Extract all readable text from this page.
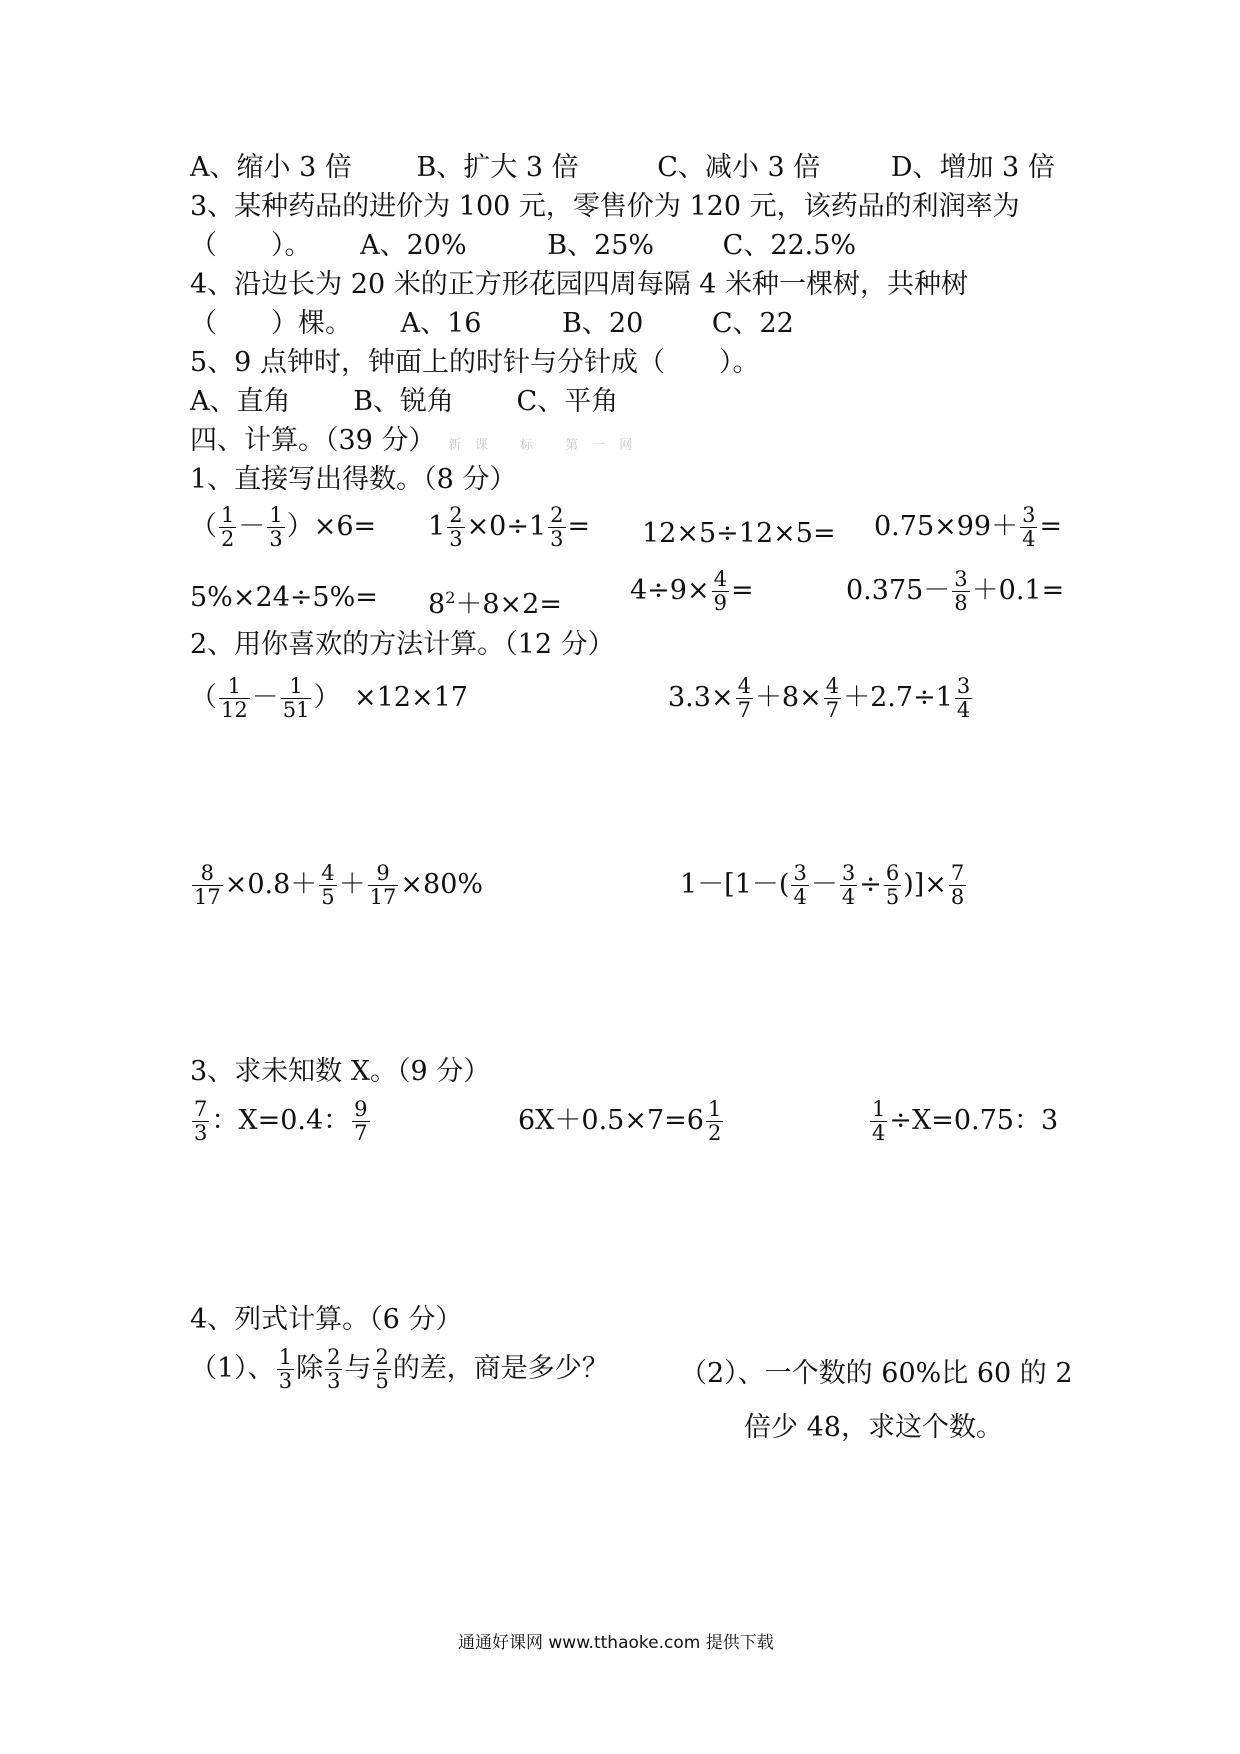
A、缩小 3 倍 B、扩大 3 倍	C、减小 3 倍	D、增加 3 倍
3、某种药品的进价为 100 元，零售价为 120 元，该药品的利润率为
（　　）。 A、20%	B、25%	C、22.5%
4、沿边长为 20 米的正方形花园四周每隔 4 米种一棵树，共种树
（　　）棵。 A、16	B、20	C、22
5、9 点钟时，钟面上的时针与分针成（　　）。
A、直角 B、锐角 C、平角
四、计算。（39 分） 新课 标 第一网
1、直接写出得数。（8 分）
（ $\frac{1}{2} - \frac{1}{3} )\times 6= 1 \frac{2}{3} \times 0\div 1 \frac{2}{3} = 12\times 5\div 12\times 5= 0.75\times 99+ \frac{3}{4}$ =
$5\%\times 24\div 5\%= 8^2+8\times 2=$	$4\div 9\times \frac{4}{9}$ =	$0.375- \frac{3}{8} +0.1=$
2、用你喜欢的方法计算。（12 分）
（ $\frac{1}{12} - \frac{1}{51}$ ）　×12×17	$3.3\times \frac{4}{7} +8\times \frac{4}{7} +2.7\div 1 \frac{3}{4}$
$\frac{8}{17} \times 0.8+ \frac{4}{5} + \frac{9}{17} \times 80\%$	$1-[1-( \frac{3}{4} - \frac{3}{4} \div \frac{6}{5}$ )]× $\frac{7}{8}$
3、求未知数 X。（9 分）
$\frac{7}{3}$ ：X=0.4： $\frac{9}{7}$	$6X+0.5\times 7=6 \frac{1}{2}$	$\frac{1}{4} \div X=0.75$：3
4、列式计算。（6 分）
（1）、 $\frac{1}{3}$ 除 $\frac{2}{3}$ 与 $\frac{2}{5}$ 的差，商是多少？	（2）、一个数的 60%比 60 的 2
倍少 48，求这个数。
通通好课网 www.tthaoke.com 提供下载
